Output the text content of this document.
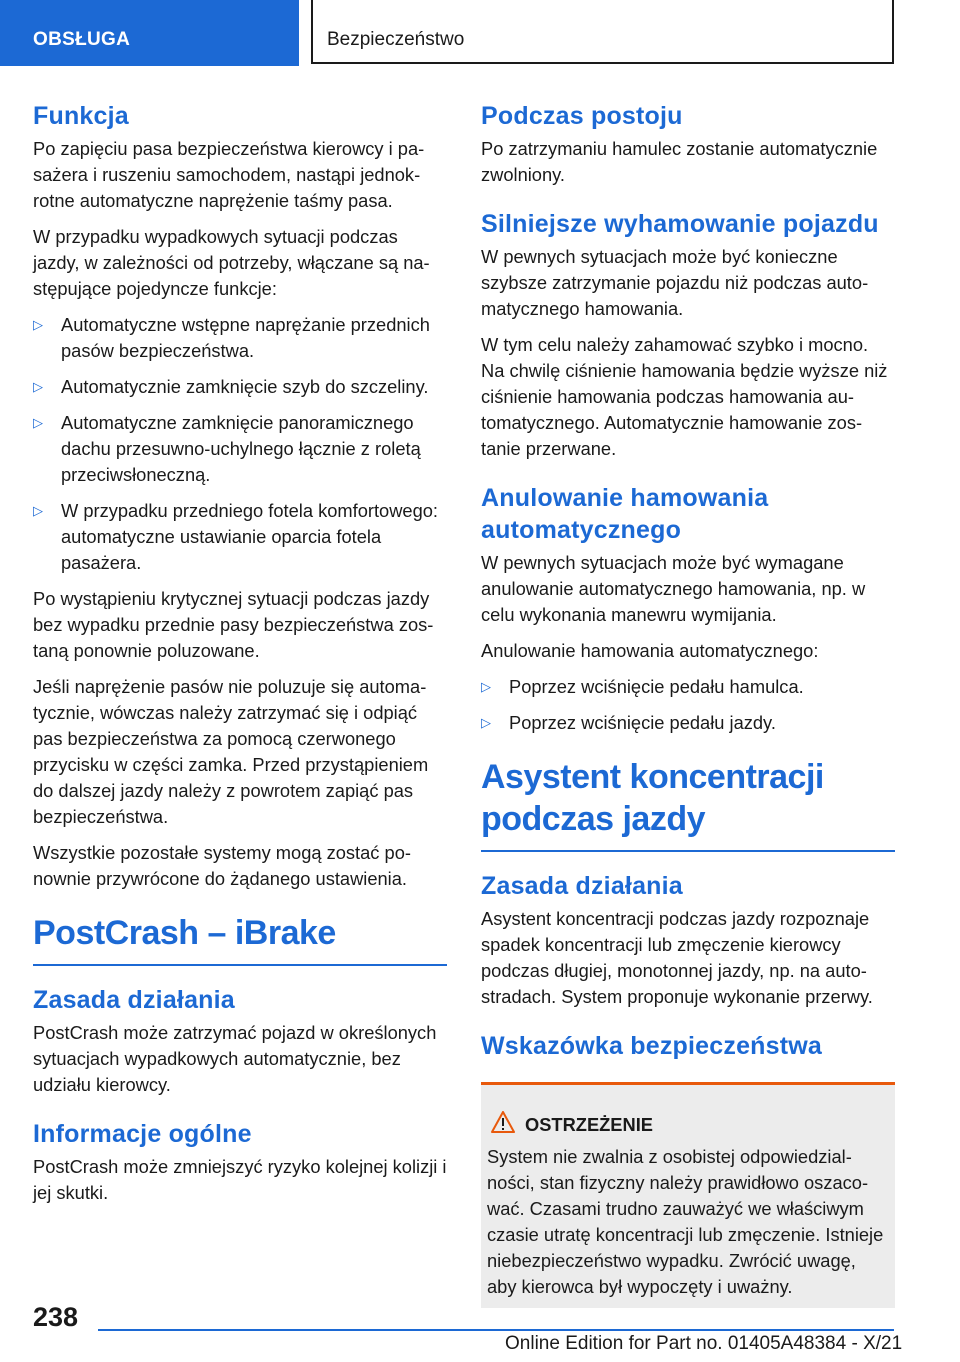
OBSŁUGA	Bezpieczeństwo
Funkcja

Po zapięciu pasa bezpieczeństwa kierowcy i pasażera i ruszeniu samochodem, nastąpi jednokrotne automatyczne naprężenie taśmy pasa.

W przypadku wypadkowych sytuacji podczas jazdy, w zależności od potrzeby, włączane są następujące pojedyncze funkcje:

▷ Automatyczne wstępne naprężanie przednich pasów bezpieczeństwa.
▷ Automatycznie zamknięcie szyb do szczeliny.
▷ Automatyczne zamknięcie panoramicznego dachu przesuwno-uchylnego łącznie z roletą przeciwsłoneczną.
▷ W przypadku przedniego fotela komfortowego: automatyczne ustawianie oparcia fotela pasażera.

Po wystąpieniu krytycznej sytuacji podczas jazdy bez wypadku przednie pasy bezpieczeństwa zostaną ponownie poluzowane.

Jeśli naprężenie pasów nie poluzuje się automatycznie, wówczas należy zatrzymać się i odpiąć pas bezpieczeństwa za pomocą czerwonego przycisku w części zamka. Przed przystąpieniem do dalszej jazdy należy z powrotem zapiąć pas bezpieczeństwa.

Wszystkie pozostałe systemy mogą zostać ponownie przywrócone do żądanego ustawienia.

PostCrash – iBrake
Zasada działania

PostCrash może zatrzymać pojazd w określonych sytuacjach wypadkowych automatycznie, bez udziału kierowcy.

Informacje ogólne

PostCrash może zmniejszyć ryzyko kolejnej kolizji i jej skutki.

Podczas postoju

Po zatrzymaniu hamulec zostanie automatycznie zwolniony.

Silniejsze wyhamowanie pojazdu

W pewnych sytuacjach może być konieczne szybsze zatrzymanie pojazdu niż podczas automatycznego hamowania.

W tym celu należy zahamować szybko i mocno. Na chwilę ciśnienie hamowania będzie wyższe niż ciśnienie hamowania podczas hamowania automatycznego. Automatycznie hamowanie zostanie przerwane.

Anulowanie hamowania automatycznego

W pewnych sytuacjach może być wymagane anulowanie automatycznego hamowania, np. w celu wykonania manewru wymijania.

Anulowanie hamowania automatycznego:

▷ Poprzez wciśnięcie pedału hamulca.
▷ Poprzez wciśnięcie pedału jazdy.
Asystent koncentracji podczas jazdy
Zasada działania

Asystent koncentracji podczas jazdy rozpoznaje spadek koncentracji lub zmęczenie kierowcy podczas długiej, monotonnej jazdy, np. na autostradach. System proponuje wykonanie przerwy.

Wskazówka bezpieczeństwa
OSTRZEŻENIE

System nie zwalnia z osobistej odpowiedzialności, stan fizyczny należy prawidłowo oszacować. Czasami trudno zauważyć we właściwym czasie utratę koncentracji lub zmęczenie. Istnieje niebezpieczeństwo wypadku. Zwrócić uwagę, aby kierowca był wypoczęty i uważny.

238
Online Edition for Part no. 01405A48384 - X/21
